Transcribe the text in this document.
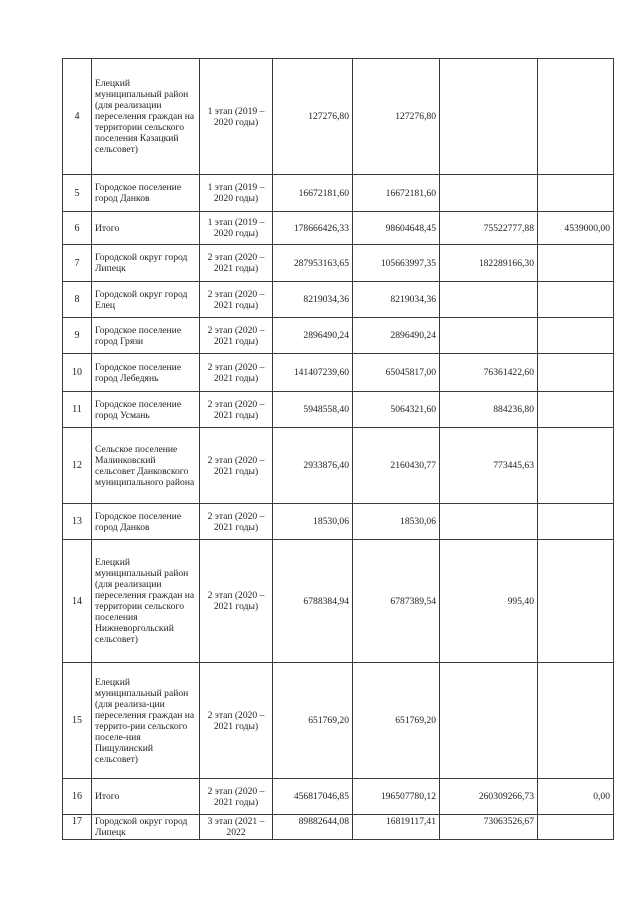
4	Елецкий муниципальный район (для реализации переселения граждан на территории сельского поселения Казацкий сельсовет)	1 этап (2019 – 2020 годы)	127276,80	127276,80		
5	Городское поселение город Данков	1 этап (2019 – 2020 годы)	16672181,60	16672181,60		
6	Итого	1 этап (2019 – 2020 годы)	178666426,33	98604648,45	75522777,88	4539000,00
7	Городской округ город Липецк	2 этап (2020 – 2021 годы)	287953163,65	105663997,35	182289166,30	
8	Городской округ город Елец	2 этап (2020 – 2021 годы)	8219034,36	8219034,36		
9	Городское поселение город Грязи	2 этап (2020 – 2021 годы)	2896490,24	2896490,24		
10	Городское поселение город Лебедянь	2 этап (2020 – 2021 годы)	141407239,60	65045817,00	76361422,60	
11	Городское поселение город Усмань	2 этап (2020 – 2021 годы)	5948558,40	5064321,60	884236,80	
12	Сельское поселение Малинковский сельсовет Данковского муниципального района	2 этап (2020 – 2021 годы)	2933876,40	2160430,77	773445,63	
13	Городское поселение город Данков	2 этап (2020 – 2021 годы)	18530,06	18530,06		
14	Елецкий муниципальный район (для реализации переселения граждан на территории сельского поселения Нижневоргольский сельсовет)	2 этап (2020 – 2021 годы)	6788384,94	6787389,54	995,40	
15	Елецкий муниципальный район (для реализа-ции переселения граждан на террито-рии сельского поселе-ния Пищулинский сельсовет)	2 этап (2020 – 2021 годы)	651769,20	651769,20		
16	Итого	2 этап (2020 – 2021 годы)	456817046,85	196507780,12	260309266,73	0,00
17	Городской округ город Липецк	3 этап (2021 – 2022	89882644,08	16819117,41	73063526,67	
